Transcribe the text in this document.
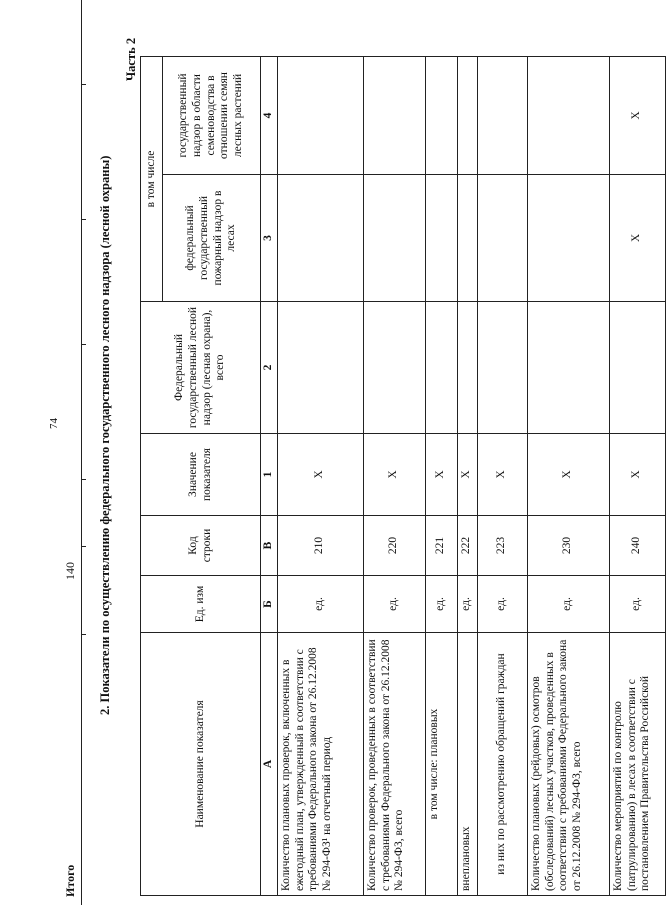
74
Итого
140 2. Показатели по осуществлению федерального государственного лесного надзора (лесной охраны)
Часть 2
Наименование показателя	Ед. изм	Код строки	Значение показателя	Федеральный государственный лесной надзор (лесная охрана), всего	в том числе	
					федеральный государственный пожарный надзор в лесах	государственный надзор в области семеноводства в отношении семян лесных растений
А	Б	В	1	2	3	4
Количество плановых проверок, включенных в ежегодный план, утвержденный в соответствии с требованиями Федерального закона от 26.12.2008 № 294-ФЗ¹ на отчетный период	ед.	210	X			
Количество проверок, проведенных в соответствии с требованиями Федерального закона от 26.12.2008 № 294-ФЗ, всего	ед.	220	X			
в том числе: плановых	ед.	221	X			
внеплановых	ед.	222	X			
из них по рассмотрению обращений граждан	ед.	223	X			
Количество плановых (рейдовых) осмотров (обследований) лесных участков, проведенных в соответствии с требованиями Федерального закона от 26.12.2008 № 294-ФЗ, всего	ед.	230	X			
Количество мероприятий по контролю (патрулированию) в лесах в соответствии с постановлением Правительства Российской	ед.	240	X		X	X
